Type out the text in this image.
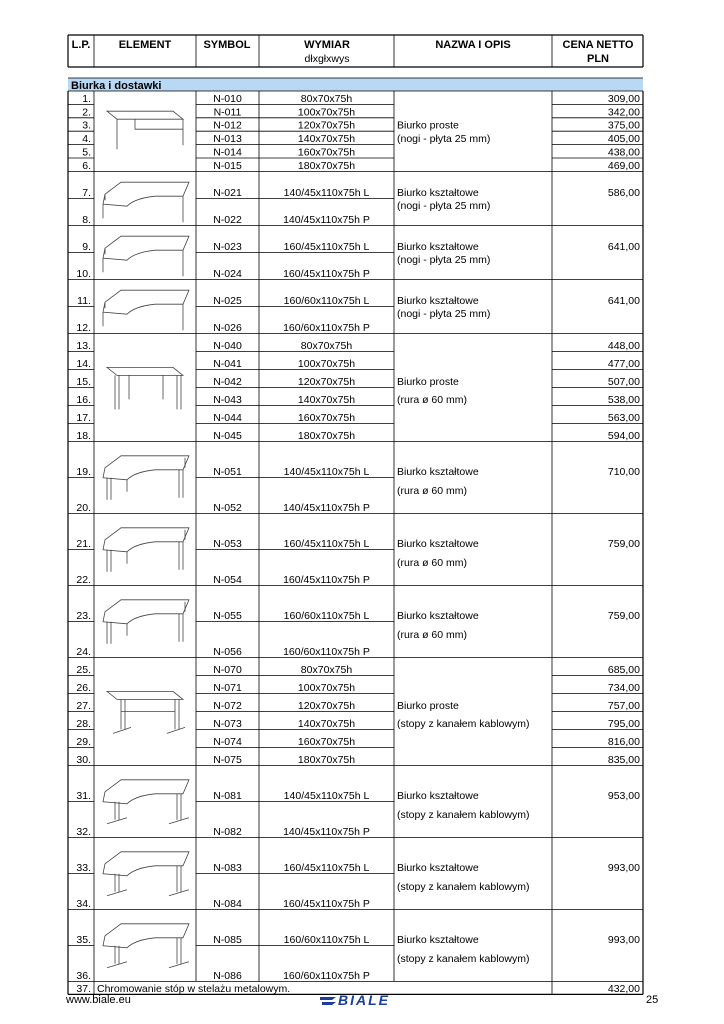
L.P.	ELEMENT	SYMBOL	WYMIAR
dłxgłxwys
NAZWA I OPIS	CENA NETTO
PLN
Biurka i dostawki
1.	N-010	80x70x75h	309,00
2.	N-011	100x70x75h	342,00
3.	N-012	120x70x75h	375,00
4.	N-013	140x70x75h	405,00
5.	N-014	160x70x75h	438,00
6.	N-015	180x70x75h	469,00
Biurko proste
(nogi - płyta 25 mm)
7.	N-021	140/45x110x75h L
8.	N-022	140/45x110x75h P
Biurko kształtowe
(nogi - płyta 25 mm)
586,00
9.	N-023	160/45x110x75h L
10.	N-024	160/45x110x75h P
Biurko kształtowe
(nogi - płyta 25 mm)
641,00
11.	N-025	160/60x110x75h L
12.	N-026	160/60x110x75h P
Biurko kształtowe
(nogi - płyta 25 mm)
641,00
13.	N-040	80x70x75h	448,00
14.	N-041	100x70x75h	477,00
15.	N-042	120x70x75h	507,00
16.	N-043	140x70x75h	538,00
17.	N-044	160x70x75h	563,00
18.	N-045	180x70x75h	594,00
Biurko proste
(rura ø 60 mm)
19.	N-051	140/45x110x75h L
20.	N-052	140/45x110x75h P
Biurko kształtowe
(rura ø 60 mm)
710,00
21.	N-053	160/45x110x75h L
22.	N-054	160/45x110x75h P
Biurko kształtowe
(rura ø 60 mm)
759,00
23.	N-055	160/60x110x75h L
24.	N-056	160/60x110x75h P
Biurko kształtowe
(rura ø 60 mm)
759,00
25.	N-070	80x70x75h	685,00
26.	N-071	100x70x75h	734,00
27.	N-072	120x70x75h	757,00
28.	N-073	140x70x75h	795,00
29.	N-074	160x70x75h	816,00
30.	N-075	180x70x75h	835,00
Biurko proste
(stopy z kanałem kablowym)
31.	N-081	140/45x110x75h L
32.	N-082	140/45x110x75h P
Biurko kształtowe
(stopy z kanałem kablowym)
953,00
33.	N-083	160/45x110x75h L
34.	N-084	160/45x110x75h P
Biurko kształtowe
(stopy z kanałem kablowym)
993,00
35.	N-085	160/60x110x75h L
36.	N-086	160/60x110x75h P
Biurko kształtowe
(stopy z kanałem kablowym)
993,00
37. Chromowanie stóp w stelażu metalowym.	432,00
www.biale.eu	BIALE	25
